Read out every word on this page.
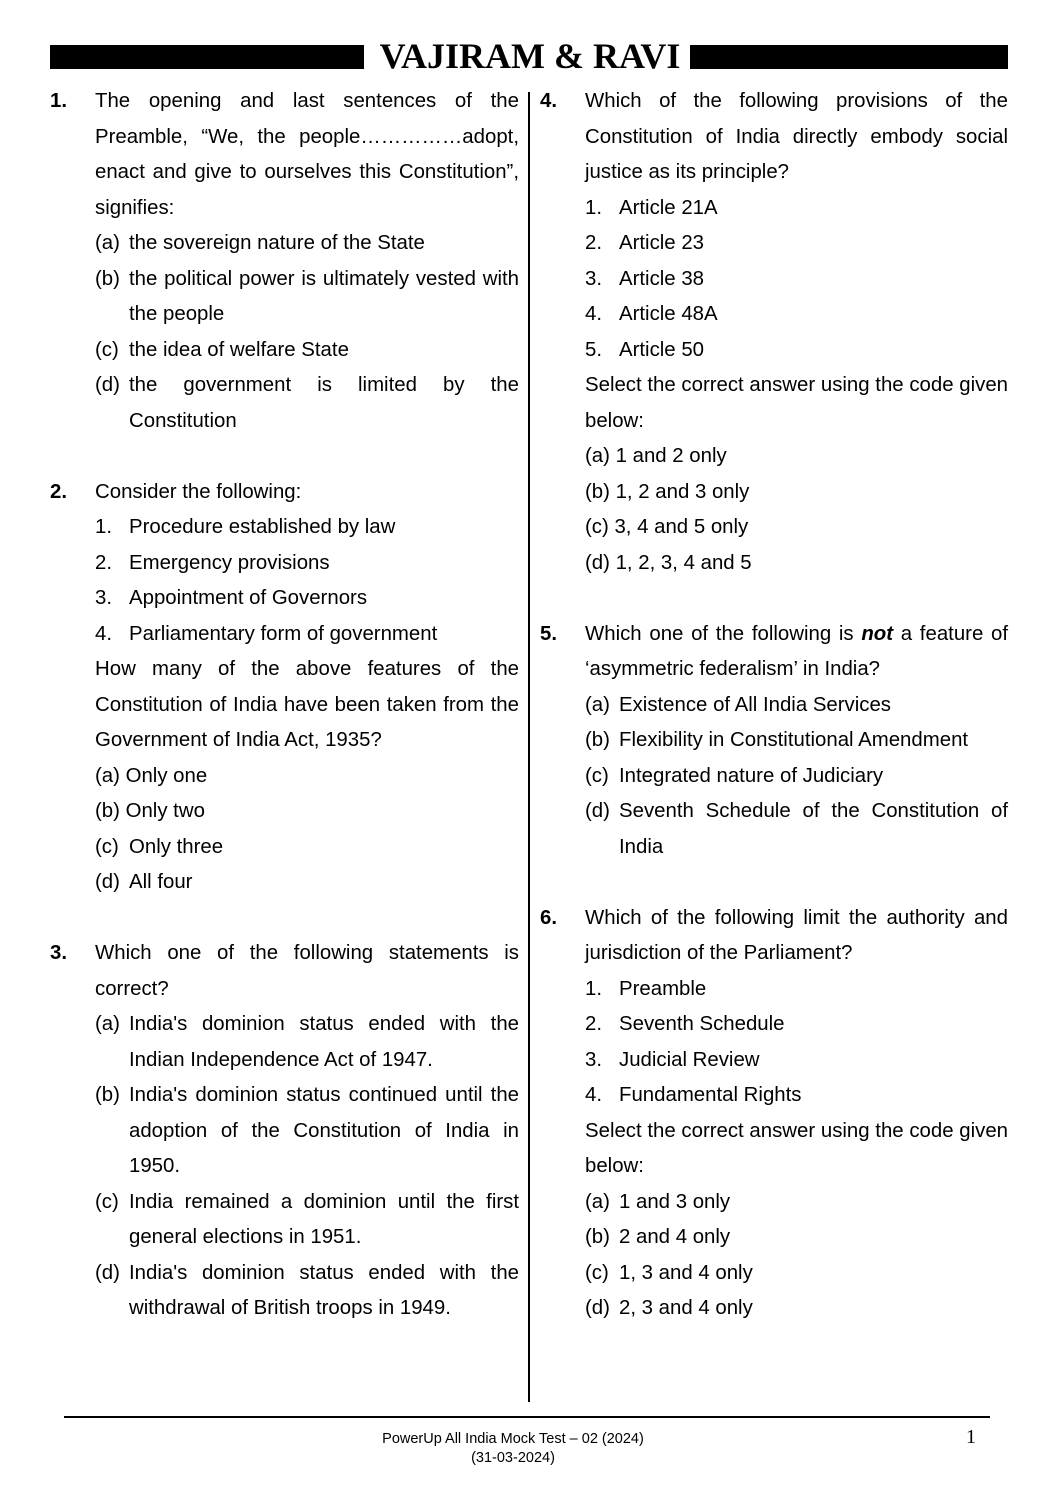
VAJIRAM & RAVI
1. The opening and last sentences of the Preamble, “We, the people……………adopt, enact and give to ourselves this Constitution”, signifies:

(a) the sovereign nature of the State
(b) the political power is ultimately vested with the people
(c) the idea of welfare State
(d) the government is limited by the Constitution
2. Consider the following:

1. Procedure established by law
2. Emergency provisions
3. Appointment of Governors
4. Parliamentary form of government

How many of the above features of the Constitution of India have been taken from the Government of India Act, 1935?

(a) Only one
(b) Only two
(c) Only three
(d) All four
3. Which one of the following statements is correct?

(a) India's dominion status ended with the Indian Independence Act of 1947.
(b) India's dominion status continued until the adoption of the Constitution of India in 1950.
(c) India remained a dominion until the first general elections in 1951.
(d) India's dominion status ended with the withdrawal of British troops in 1949.
4. Which of the following provisions of the Constitution of India directly embody social justice as its principle?

1. Article 21A
2. Article 23
3. Article 38
4. Article 48A
5. Article 50

Select the correct answer using the code given below:

(a) 1 and 2 only
(b) 1, 2 and 3 only
(c) 3, 4 and 5 only
(d) 1, 2, 3, 4 and 5
5. Which one of the following is not a feature of ‘asymmetric federalism’ in India?

(a) Existence of All India Services
(b) Flexibility in Constitutional Amendment
(c) Integrated nature of Judiciary
(d) Seventh Schedule of the Constitution of India
6. Which of the following limit the authority and jurisdiction of the Parliament?

1. Preamble
2. Seventh Schedule
3. Judicial Review
4. Fundamental Rights

Select the correct answer using the code given below:

(a) 1 and 3 only
(b) 2 and 4 only
(c) 1, 3 and 4 only
(d) 2, 3 and 4 only
PowerUp All India Mock Test – 02 (2024)
(31-03-2024)
1
